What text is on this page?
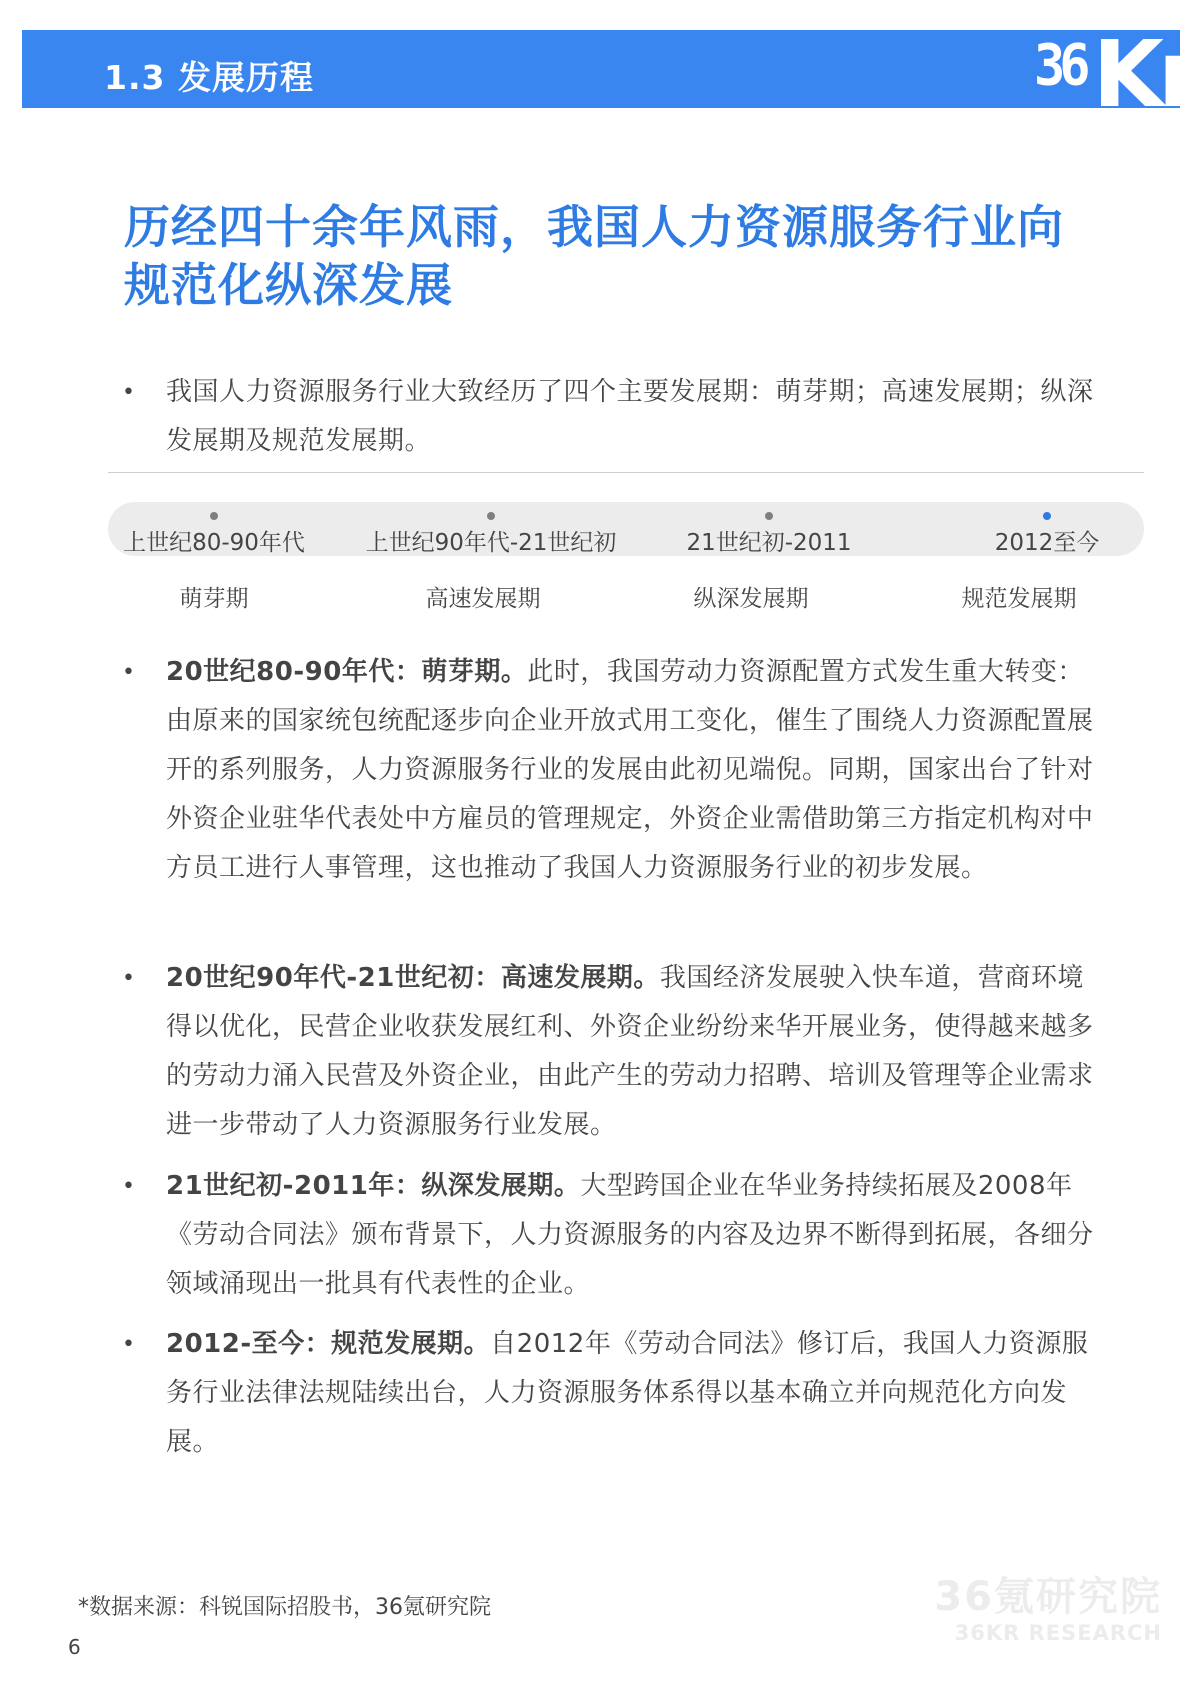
1.3 发展历程	36 Kr
历经四十余年风雨，我国人力资源服务行业向规范化纵深发展
• 我国人力资源服务行业大致经历了四个主要发展期：萌芽期；高速发展期；纵深发展期及规范发展期。
上世纪80-90年代	上世纪90年代-21世纪初	21世纪初-2011	2012至今
萌芽期	高速发展期	纵深发展期	规范发展期
• 20世纪80-90年代：萌芽期。此时，我国劳动力资源配置方式发生重大转变：由原来的国家统包统配逐步向企业开放式用工变化，催生了围绕人力资源配置展开的系列服务，人力资源服务行业的发展由此初见端倪。同期，国家出台了针对外资企业驻华代表处中方雇员的管理规定，外资企业需借助第三方指定机构对中方员工进行人事管理，这也推动了我国人力资源服务行业的初步发展。
• 20世纪90年代-21世纪初：高速发展期。我国经济发展驶入快车道，营商环境得以优化，民营企业收获发展红利、外资企业纷纷来华开展业务，使得越来越多的劳动力涌入民营及外资企业，由此产生的劳动力招聘、培训及管理等企业需求进一步带动了人力资源服务行业发展。
• 21世纪初-2011年：纵深发展期。大型跨国企业在华业务持续拓展及2008年《劳动合同法》颁布背景下，人力资源服务的内容及边界不断得到拓展，各细分领域涌现出一批具有代表性的企业。
• 2012-至今：规范发展期。自2012年《劳动合同法》修订后，我国人力资源服务行业法律法规陆续出台，人力资源服务体系得以基本确立并向规范化方向发展。
*数据来源：科锐国际招股书，36氪研究院
6
36氪研究院
36KR RESEARCH
